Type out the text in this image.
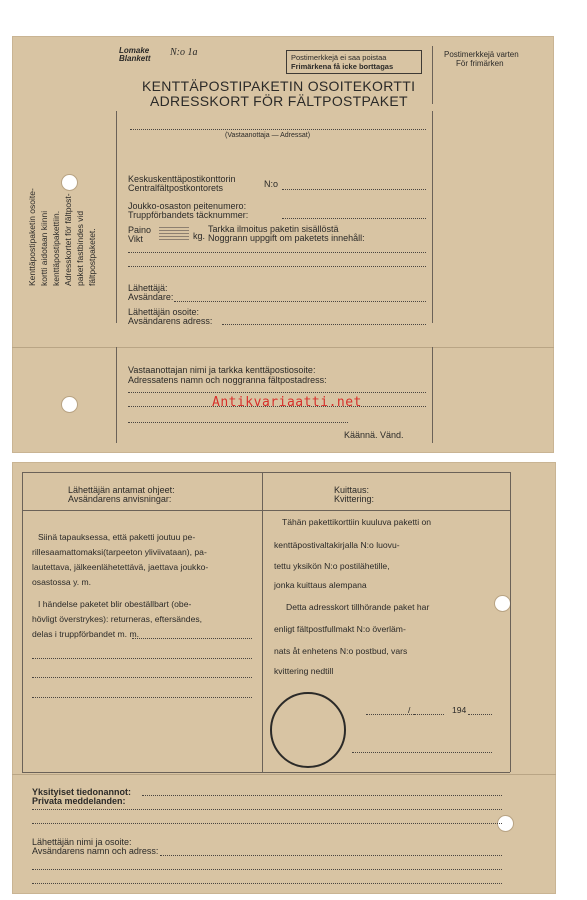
Lomake
Blankett
N:o 1a	Postimerkkejä ei saa poistaa
Frimärkena få icke borttagas
Postimerkkejä varten
För frimärken
KENTTÄPOSTIPAKETIN OSOITEKORTTI
ADRESSKORT FÖR FÄLTPOSTPAKET
(Vastaanottaja — Adressat)
Keskuskenttäpostikonttorin
Centralfältpostkontorets	N:o
Joukko-osaston peitenumero:
Truppförbandets täcknummer:
Paino
Vikt	kg.
Tarkka ilmoitus paketin sisällöstä
Noggrann uppgift om paketets innehåll:
Lähettäjä:
Avsändare:
Lähettäjän osoite:
Avsändarens adress:
Kenttäpostipaketin osoite- kortti aidotaan kiinni kenttäpostipakettiin. Adresskortet för fältpost- paket fastbindes vid fältpostpaketet.
Vastaanottajan nimi ja tarkka kenttäpostiosoite:
Adressatens namn och noggranna fältpostadress:
Käännä. Vänd.
Antikvariaatti.net
Lähettäjän antamat ohjeet:
Avsändarens anvisningar:
Kuittaus:
Kvittering:
Siinä tapauksessa, että paketti joutuu pe-
rillesaamattomaksi(tarpeeton yliviivataan), pa-
lautettava, jälkeenlähetettävä, jaettava joukko-
osastossa y. m.
I händelse paketet blir obeställbart (obe-
hövligt överstrykes): returneras, eftersändes,
delas i truppförbandet m. m.
Tähän pakettikorttiin kuuluva paketti on
kenttäpostivaltakirjalla N:o luovu-
tettu yksikön N:o postilähetille,
jonka kuittaus alempana
Detta adresskort tillhörande paket har
enligt fältpostfullmakt N:o överläm-
nats åt enhetens N:o postbud, vars
kvittering nedtill
/	194
Yksityiset tiedonannot:
Privata meddelanden:
Lähettäjän nimi ja osoite:
Avsändarens namn och adress:
